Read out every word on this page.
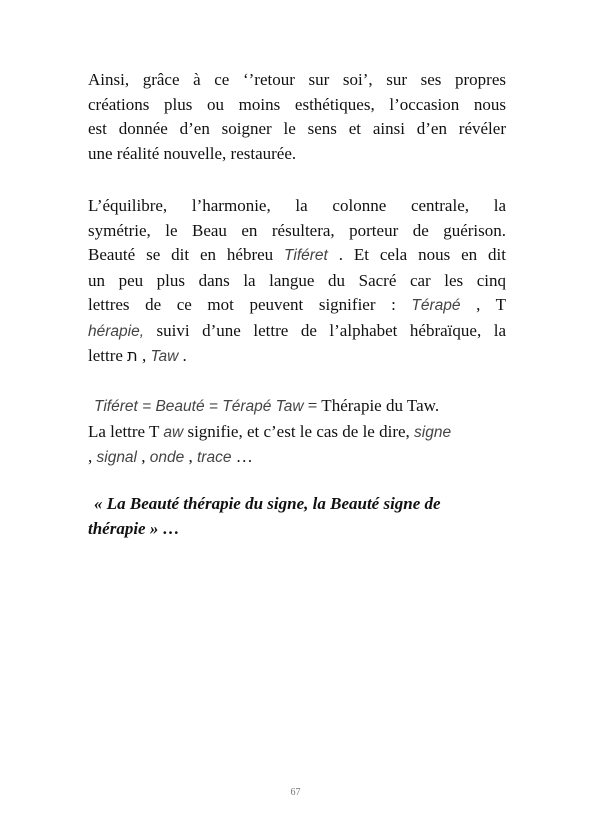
Ainsi, grâce à ce ‘’retour sur soi’, sur ses propres
créations plus ou moins esthétiques, l’occasion nous
est donnée d’en soigner le sens et ainsi d’en révéler
une réalité nouvelle, restaurée.
L’équilibre, l’harmonie, la colonne centrale, la
symétrie, le Beau en résultera, porteur de guérison.
Beauté se dit en hébreu Tiféret . Et cela nous en dit
un peu plus dans la langue du Sacré car les cinq
lettres de ce mot peuvent signifier : Térapé , T
hérapie, suivi d’une lettre de l’alphabet hébraïque, la
lettre ת , Taw .
Tiféret = Beauté = Térapé Taw = Thérapie du Taw.
La lettre T aw signifie, et c’est le cas de le dire, signe
, signal , onde , trace …
« La Beauté thérapie du signe, la Beauté signe de
thérapie » …
67
